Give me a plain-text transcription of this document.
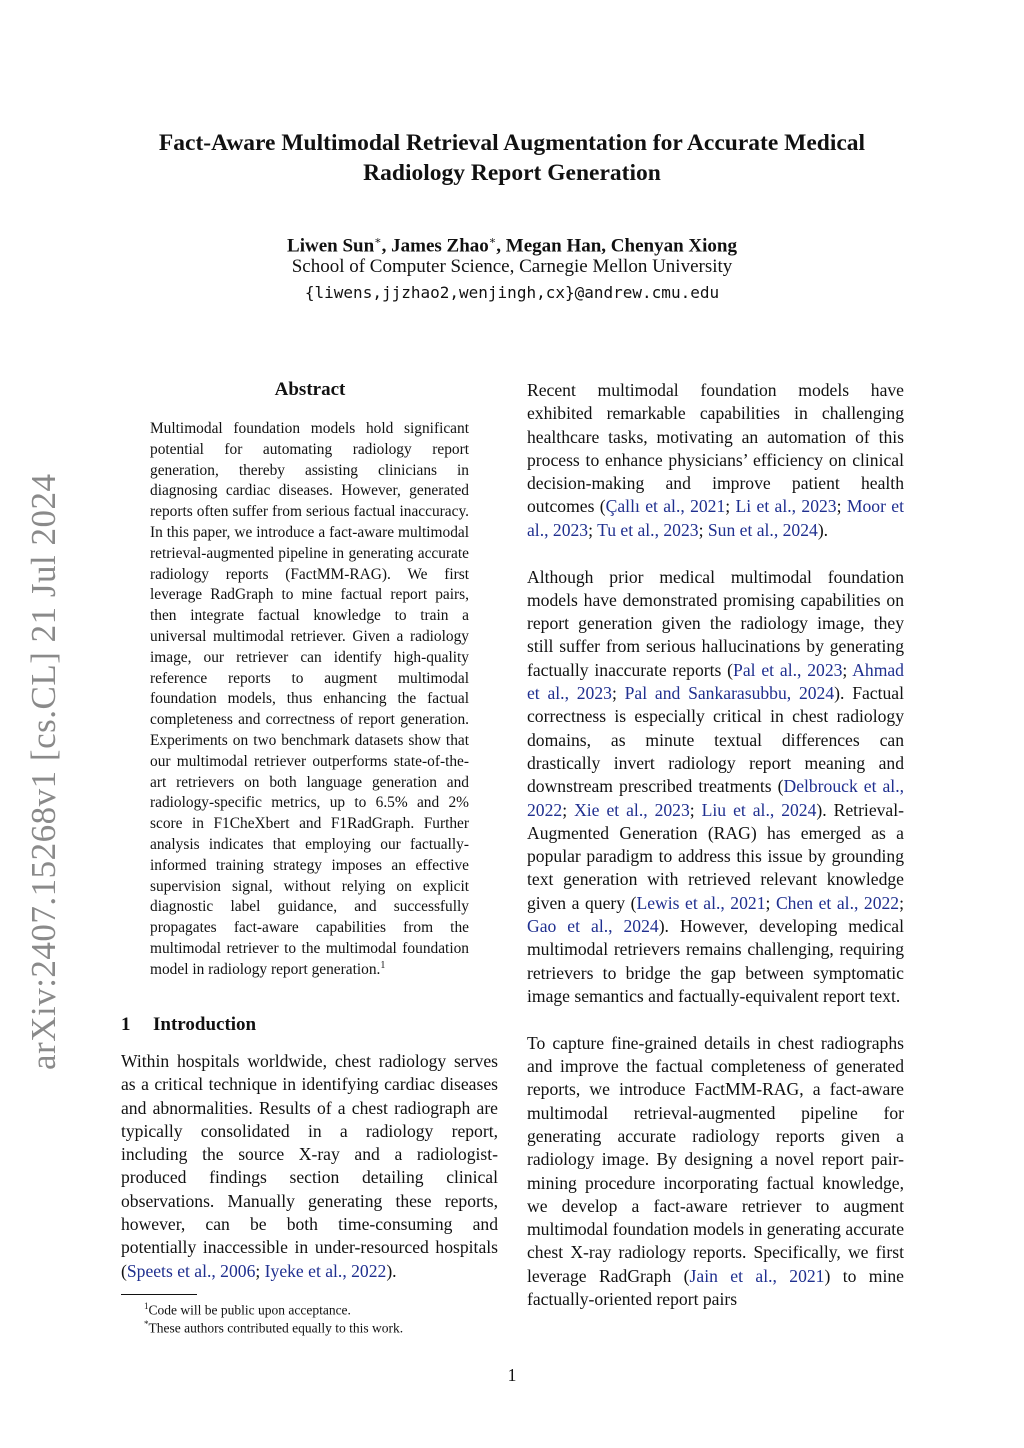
arXiv:2407.15268v1 [cs.CL] 21 Jul 2024
Fact-Aware Multimodal Retrieval Augmentation for Accurate Medical
Radiology Report Generation
Liwen Sun∗, James Zhao∗, Megan Han, Chenyan Xiong
School of Computer Science, Carnegie Mellon University
{liwens,jjzhao2,wenjingh,cx}@andrew.cmu.edu
Abstract
Multimodal foundation models hold significant potential for automating radiology report generation, thereby assisting clinicians in diagnosing cardiac diseases. However, generated reports often suffer from serious factual inaccuracy. In this paper, we introduce a fact-aware multimodal retrieval-augmented pipeline in generating accurate radiology reports (FactMM-RAG). We first leverage RadGraph to mine factual report pairs, then integrate factual knowledge to train a universal multimodal retriever. Given a radiology image, our retriever can identify high-quality reference reports to augment multimodal foundation models, thus enhancing the factual completeness and correctness of report generation. Experiments on two benchmark datasets show that our multimodal retriever outperforms state-of-the-art retrievers on both language generation and radiology-specific metrics, up to 6.5% and 2% score in F1CheXbert and F1RadGraph. Further analysis indicates that employing our factually-informed training strategy imposes an effective supervision signal, without relying on explicit diagnostic label guidance, and successfully propagates fact-aware capabilities from the multimodal retriever to the multimodal foundation model in radiology report generation.$^1$
1 Introduction
Within hospitals worldwide, chest radiology serves as a critical technique in identifying cardiac diseases and abnormalities. Results of a chest radiograph are typically consolidated in a radiology report, including the source X-ray and a radiologist-produced findings section detailing clinical observations. Manually generating these reports, however, can be both time-consuming and potentially inaccessible in under-resourced hospitals (Speets et al., 2006; Iyeke et al., 2022).

Recent multimodal foundation models have exhibited remarkable capabilities in challenging healthcare tasks, motivating an automation of this process to enhance physicians’ efficiency on clinical decision-making and improve patient health outcomes (Çallı et al., 2021; Li et al., 2023; Moor et al., 2023; Tu et al., 2023; Sun et al., 2024).

Although prior medical multimodal foundation models have demonstrated promising capabilities on report generation given the radiology image, they still suffer from serious hallucinations by generating factually inaccurate reports (Pal et al., 2023; Ahmad et al., 2023; Pal and Sankarasubbu, 2024). Factual correctness is especially critical in chest radiology domains, as minute textual differences can drastically invert radiology report meaning and downstream prescribed treatments (Delbrouck et al., 2022; Xie et al., 2023; Liu et al., 2024). Retrieval-Augmented Generation (RAG) has emerged as a popular paradigm to address this issue by grounding text generation with retrieved relevant knowledge given a query (Lewis et al., 2021; Chen et al., 2022; Gao et al., 2024). However, developing medical multimodal retrievers remains challenging, requiring retrievers to bridge the gap between symptomatic image semantics and factually-equivalent report text.

To capture fine-grained details in chest radiographs and improve the factual completeness of generated reports, we introduce FactMM-RAG, a fact-aware multimodal retrieval-augmented pipeline for generating accurate radiology reports given a radiology image. By designing a novel report pair-mining procedure incorporating factual knowledge, we develop a fact-aware retriever to augment multimodal foundation models in generating accurate chest X-ray radiology reports. Specifically, we first leverage RadGraph (Jain et al., 2021) to mine factually-oriented report pairs

$^1$Code will be public upon acceptance.
*These authors contributed equally to this work.
1
